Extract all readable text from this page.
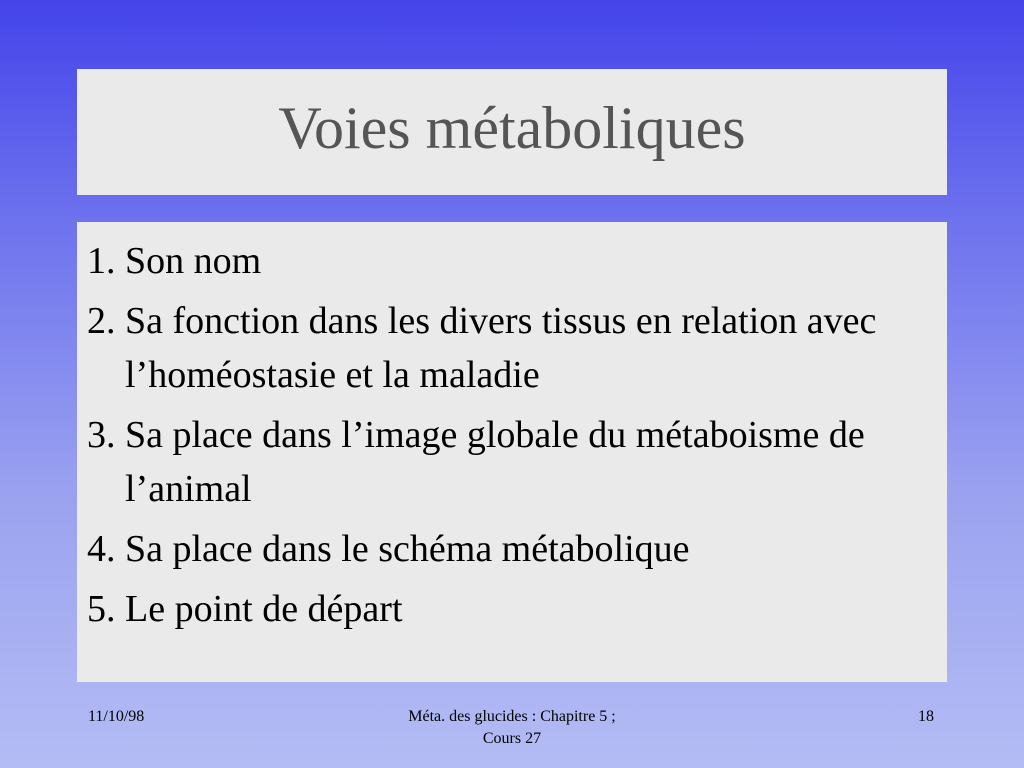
Voies métaboliques
1. Son nom
2. Sa fonction dans les divers tissus en relation avec l’homéostasie et la maladie
3. Sa place dans l’image globale du métaboisme de l’animal
4. Sa place dans le schéma métabolique
5. Le point de départ
11/10/98	Méta. des glucides : Chapitre 5 ;
Cours 27
18
